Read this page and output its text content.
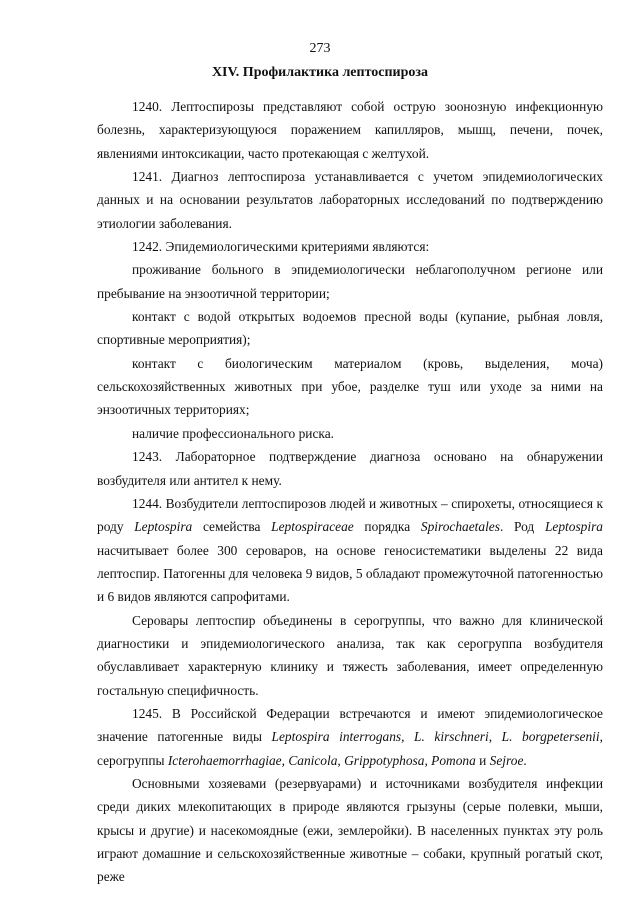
273
XIV. Профилактика лептоспироза

1240. Лептоспирозы представляют собой острую зоонозную инфекционную болезнь, характеризующуюся поражением капилляров, мышц, печени, почек, явлениями интоксикации, часто протекающая с желтухой.

1241. Диагноз лептоспироза устанавливается с учетом эпидемиологических данных и на основании результатов лабораторных исследований по подтверждению этиологии заболевания.

1242. Эпидемиологическими критериями являются:

проживание больного в эпидемиологически неблагополучном регионе или пребывание на энзоотичной территории;

контакт с водой открытых водоемов пресной воды (купание, рыбная ловля, спортивные мероприятия);

контакт с биологическим материалом (кровь, выделения, моча) сельскохозяйственных животных при убое, разделке туш или уходе за ними на энзоотичных территориях;

наличие профессионального риска.

1243. Лабораторное подтверждение диагноза основано на обнаружении возбудителя или антител к нему.

1244. Возбудители лептоспирозов людей и животных – спирохеты, относящиеся к роду Leptospira семейства Leptospiraceae порядка Spirochaetales. Род Leptospira насчитывает более 300 сероваров, на основе геносистематики выделены 22 вида лептоспир. Патогенны для человека 9 видов, 5 обладают промежуточной патогенностью и 6 видов являются сапрофитами.

Серовары лептоспир объединены в серогруппы, что важно для клинической диагностики и эпидемиологического анализа, так как серогруппа возбудителя обуславливает характерную клинику и тяжесть заболевания, имеет определенную гостальную специфичность.

1245. В Российской Федерации встречаются и имеют эпидемиологическое значение патогенные виды Leptospira interrogans, L. kirschneri, L. borgpetersenii, серогруппы Icterohaemorrhagiae, Canicola, Grippotyphosa, Pomona и Sejroe.

Основными хозяевами (резервуарами) и источниками возбудителя инфекции среди диких млекопитающих в природе являются грызуны (серые полевки, мыши, крысы и другие) и насекомоядные (ежи, землеройки). В населенных пунктах эту роль играют домашние и сельскохозяйственные животные – собаки, крупный рогатый скот, реже
